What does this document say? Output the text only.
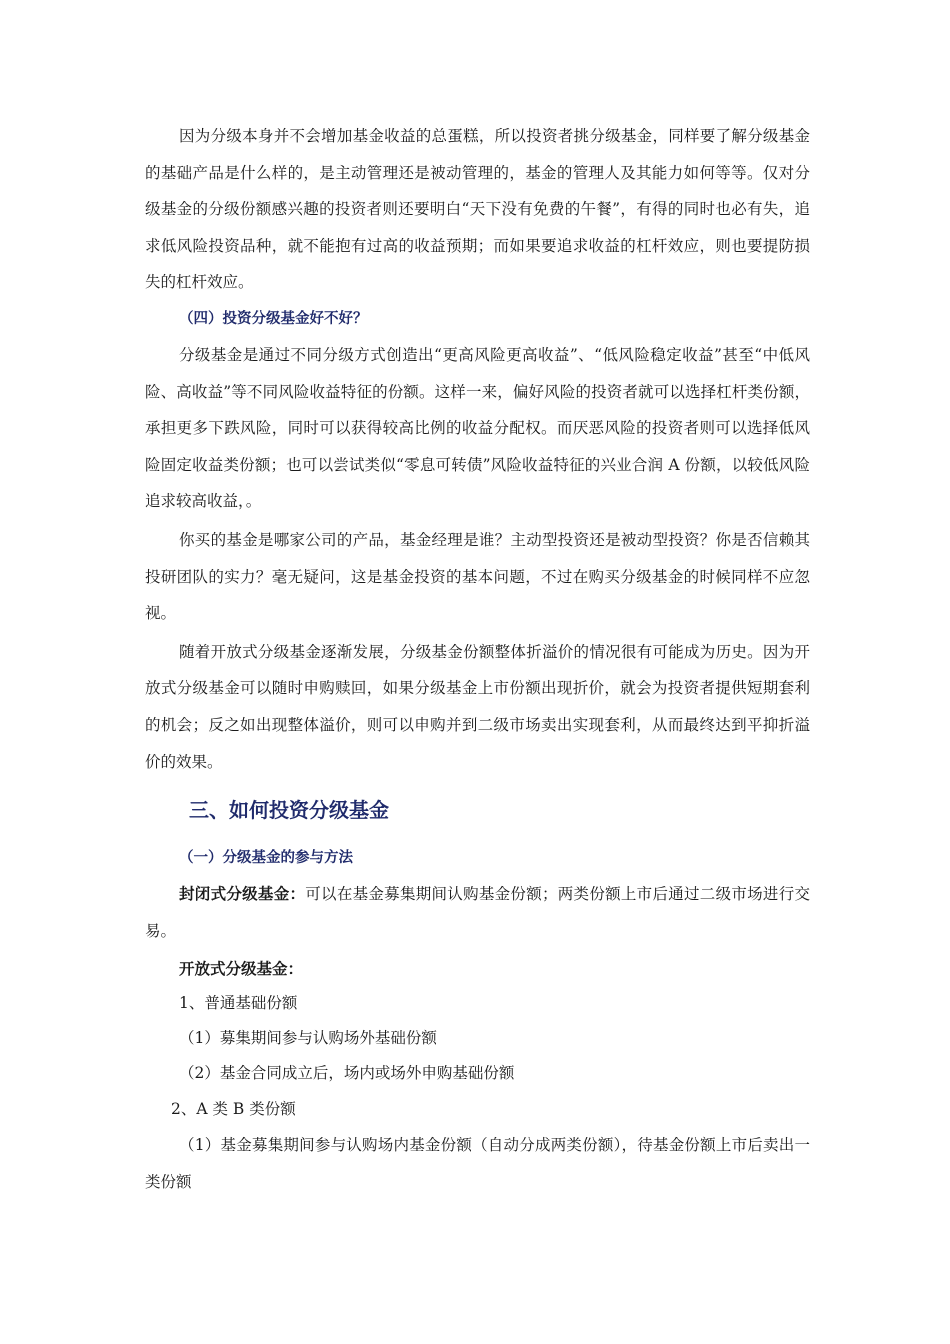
因为分级本身并不会增加基金收益的总蛋糕，所以投资者挑分级基金，同样要了解分级基金的基础产品是什么样的，是主动管理还是被动管理的，基金的管理人及其能力如何等等。仅对分级基金的分级份额感兴趣的投资者则还要明白“天下没有免费的午餐”，有得的同时也必有失，追求低风险投资品种，就不能抱有过高的收益预期；而如果要追求收益的杠杆效应，则也要提防损失的杠杆效应。

（四）投资分级基金好不好？

分级基金是通过不同分级方式创造出“更高风险更高收益”、“低风险稳定收益”甚至“中低风险、高收益”等不同风险收益特征的份额。这样一来，偏好风险的投资者就可以选择杠杆类份额，承担更多下跌风险，同时可以获得较高比例的收益分配权。而厌恶风险的投资者则可以选择低风险固定收益类份额；也可以尝试类似“零息可转债”风险收益特征的兴业合润 A 份额，以较低风险追求较高收益，。

你买的基金是哪家公司的产品，基金经理是谁？主动型投资还是被动型投资？你是否信赖其投研团队的实力？毫无疑问，这是基金投资的基本问题，不过在购买分级基金的时候同样不应忽视。

随着开放式分级基金逐渐发展，分级基金份额整体折溢价的情况很有可能成为历史。因为开放式分级基金可以随时申购赎回，如果分级基金上市份额出现折价，就会为投资者提供短期套利的机会；反之如出现整体溢价，则可以申购并到二级市场卖出实现套利，从而最终达到平抑折溢价的效果。

三、如何投资分级基金

（一）分级基金的参与方法

封闭式分级基金：可以在基金募集期间认购基金份额；两类份额上市后通过二级市场进行交易。

开放式分级基金：

1、普通基础份额

（1）募集期间参与认购场外基础份额

（2）基金合同成立后，场内或场外申购基础份额

2、A 类 B 类份额

（1）基金募集期间参与认购场内基金份额（自动分成两类份额），待基金份额上市后卖出一类份额
